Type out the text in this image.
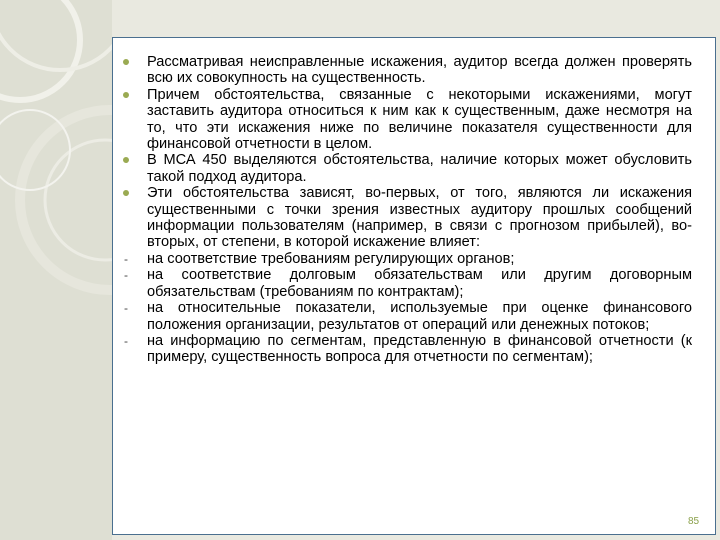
Рассматривая неисправленные искажения, аудитор всегда должен проверять всю их совокупность на существенность.
Причем обстоятельства, связанные с некоторыми искажениями, могут заставить аудитора относиться к ним как к существенным, даже несмотря на то, что эти искажения ниже по величине показателя существенности для финансовой отчетности в целом.
В МСА 450 выделяются обстоятельства, наличие которых может обусловить такой подход аудитора.
Эти обстоятельства зависят, во-первых, от того, являются ли искажения существенными с точки зрения известных аудитору прошлых сообщений информации пользователям (например, в связи с прогнозом прибылей), во- вторых, от степени, в которой искажение влияет:
-	на соответствие требованиям регулирующих органов;
-	на соответствие долговым обязательствам или другим договорным обязательствам (требованиям по контрактам);
-	на относительные показатели, используемые при оценке финансового положения организации, результатов от операций или денежных потоков;
-	на информацию по сегментам, представленную в финансовой отчетности (к примеру, существенность вопроса для отчетности по сегментам);
85
